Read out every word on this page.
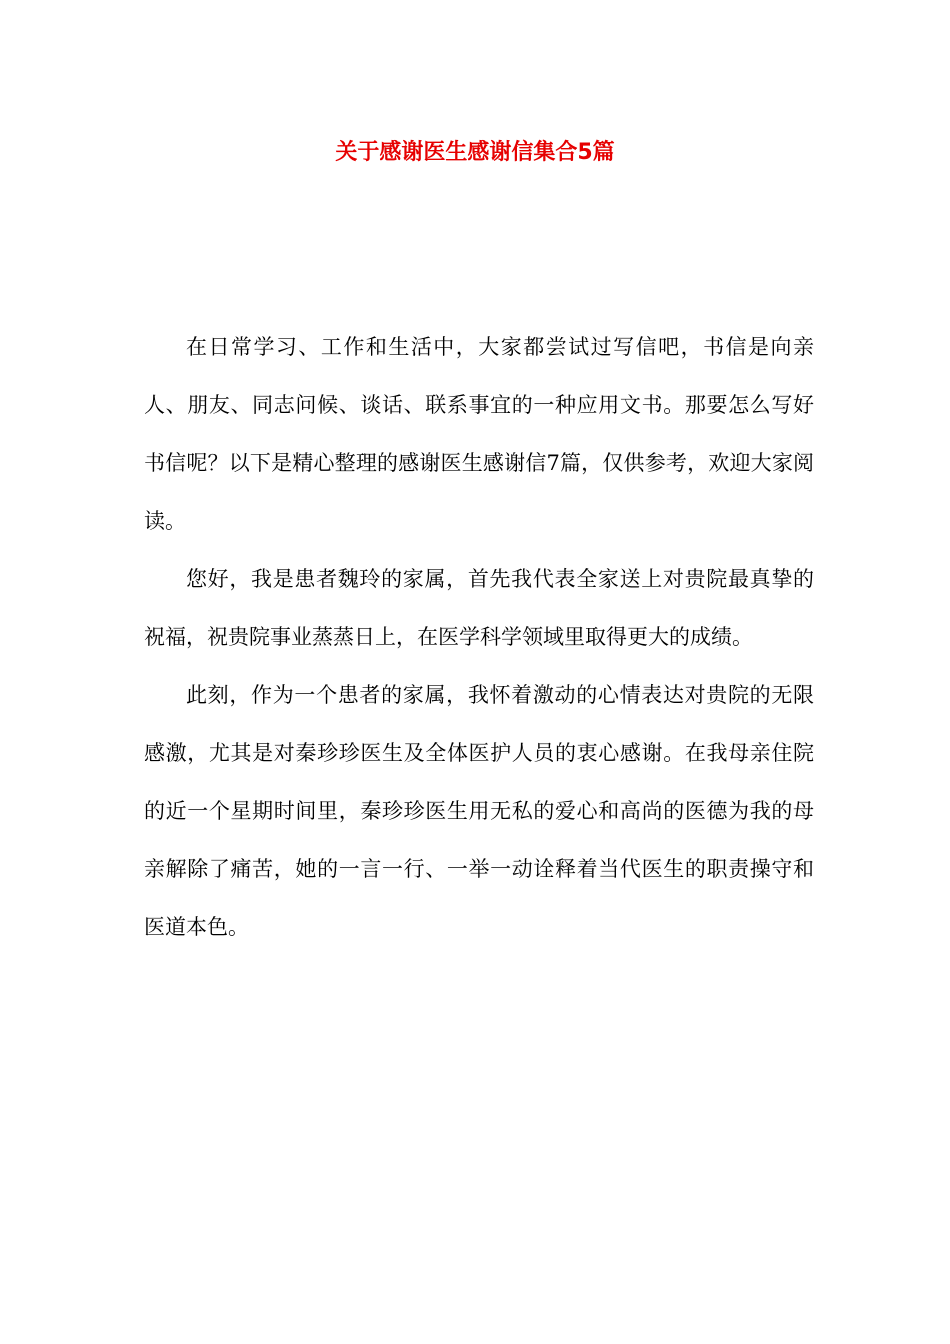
关于感谢医生感谢信集合5篇

在日常学习、工作和生活中，大家都尝试过写信吧，书信是向亲人、朋友、同志问候、谈话、联系事宜的一种应用文书。那要怎么写好书信呢？以下是精心整理的感谢医生感谢信7篇，仅供参考，欢迎大家阅读。

您好，我是患者魏玲的家属，首先我代表全家送上对贵院最真挚的祝福，祝贵院事业蒸蒸日上，在医学科学领域里取得更大的成绩。

此刻，作为一个患者的家属，我怀着激动的心情表达对贵院的无限感激，尤其是对秦珍珍医生及全体医护人员的衷心感谢。在我母亲住院的近一个星期时间里，秦珍珍医生用无私的爱心和高尚的医德为我的母亲解除了痛苦，她的一言一行、一举一动诠释着当代医生的职责操守和医道本色。
